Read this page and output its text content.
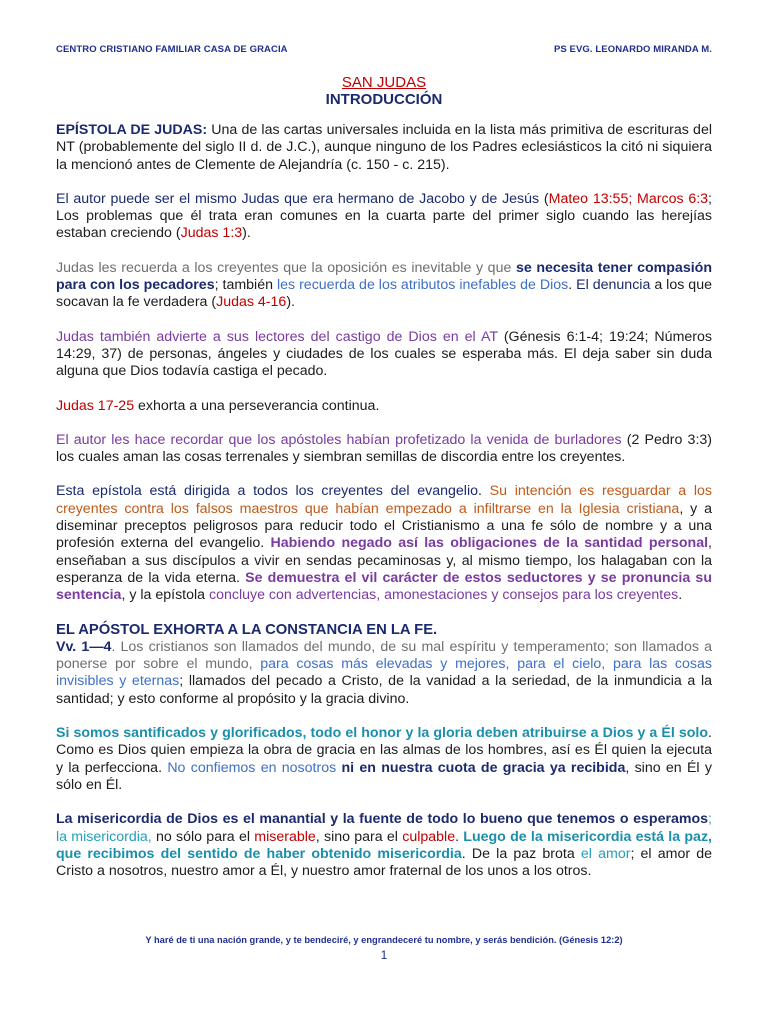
CENTRO CRISTIANO FAMILIAR CASA DE GRACIA	PS EVG. LEONARDO MIRANDA M.
SAN JUDAS
INTRODUCCIÓN

EPÍSTOLA DE JUDAS: Una de las cartas universales incluida en la lista más primitiva de escrituras del NT (probablemente del siglo II d. de J.C.), aunque ninguno de los Padres eclesiásticos la citó ni siquiera la mencionó antes de Clemente de Alejandría (c. 150 - c. 215).

El autor puede ser el mismo Judas que era hermano de Jacobo y de Jesús (Mateo 13:55; Marcos 6:3; Los problemas que él trata eran comunes en la cuarta parte del primer siglo cuando las herejías estaban creciendo (Judas 1:3).

Judas les recuerda a los creyentes que la oposición es inevitable y que se necesita tener compasión para con los pecadores; también les recuerda de los atributos inefables de Dios. El denuncia a los que socavan la fe verdadera (Judas 4-16).

Judas también advierte a sus lectores del castigo de Dios en el AT (Génesis 6:1-4; 19:24; Números 14:29, 37) de personas, ángeles y ciudades de los cuales se esperaba más. El deja saber sin duda alguna que Dios todavía castiga el pecado.

Judas 17-25 exhorta a una perseverancia continua.

El autor les hace recordar que los apóstoles habían profetizado la venida de burladores (2 Pedro 3:3) los cuales aman las cosas terrenales y siembran semillas de discordia entre los creyentes.

Esta epístola está dirigida a todos los creyentes del evangelio. Su intención es resguardar a los creyentes contra los falsos maestros que habían empezado a infiltrarse en la Iglesia cristiana, y a diseminar preceptos peligrosos para reducir todo el Cristianismo a una fe sólo de nombre y a una profesión externa del evangelio. Habiendo negado así las obligaciones de la santidad personal, enseñaban a sus discípulos a vivir en sendas pecaminosas y, al mismo tiempo, los halagaban con la esperanza de la vida eterna. Se demuestra el vil carácter de estos seductores y se pronuncia su sentencia, y la epístola concluye con advertencias, amonestaciones y consejos para los creyentes.

EL APÓSTOL EXHORTA A LA CONSTANCIA EN LA FE.

Vv. 1—4. Los cristianos son llamados del mundo, de su mal espíritu y temperamento; son llamados a ponerse por sobre el mundo, para cosas más elevadas y mejores, para el cielo, para las cosas invisibles y eternas; llamados del pecado a Cristo, de la vanidad a la seriedad, de la inmundicia a la santidad; y esto conforme al propósito y la gracia divino.

Si somos santificados y glorificados, todo el honor y la gloria deben atribuirse a Dios y a Él solo. Como es Dios quien empieza la obra de gracia en las almas de los hombres, así es Él quien la ejecuta y la perfecciona. No confiemos en nosotros ni en nuestra cuota de gracia ya recibida, sino en Él y sólo en Él.

La misericordia de Dios es el manantial y la fuente de todo lo bueno que tenemos o esperamos; la misericordia, no sólo para el miserable, sino para el culpable. Luego de la misericordia está la paz, que recibimos del sentido de haber obtenido misericordia. De la paz brota el amor; el amor de Cristo a nosotros, nuestro amor a Él, y nuestro amor fraternal de los unos a los otros.

Y haré de ti una nación grande, y te bendeciré, y engrandeceré tu nombre, y serás bendición. (Génesis 12:2)
1
